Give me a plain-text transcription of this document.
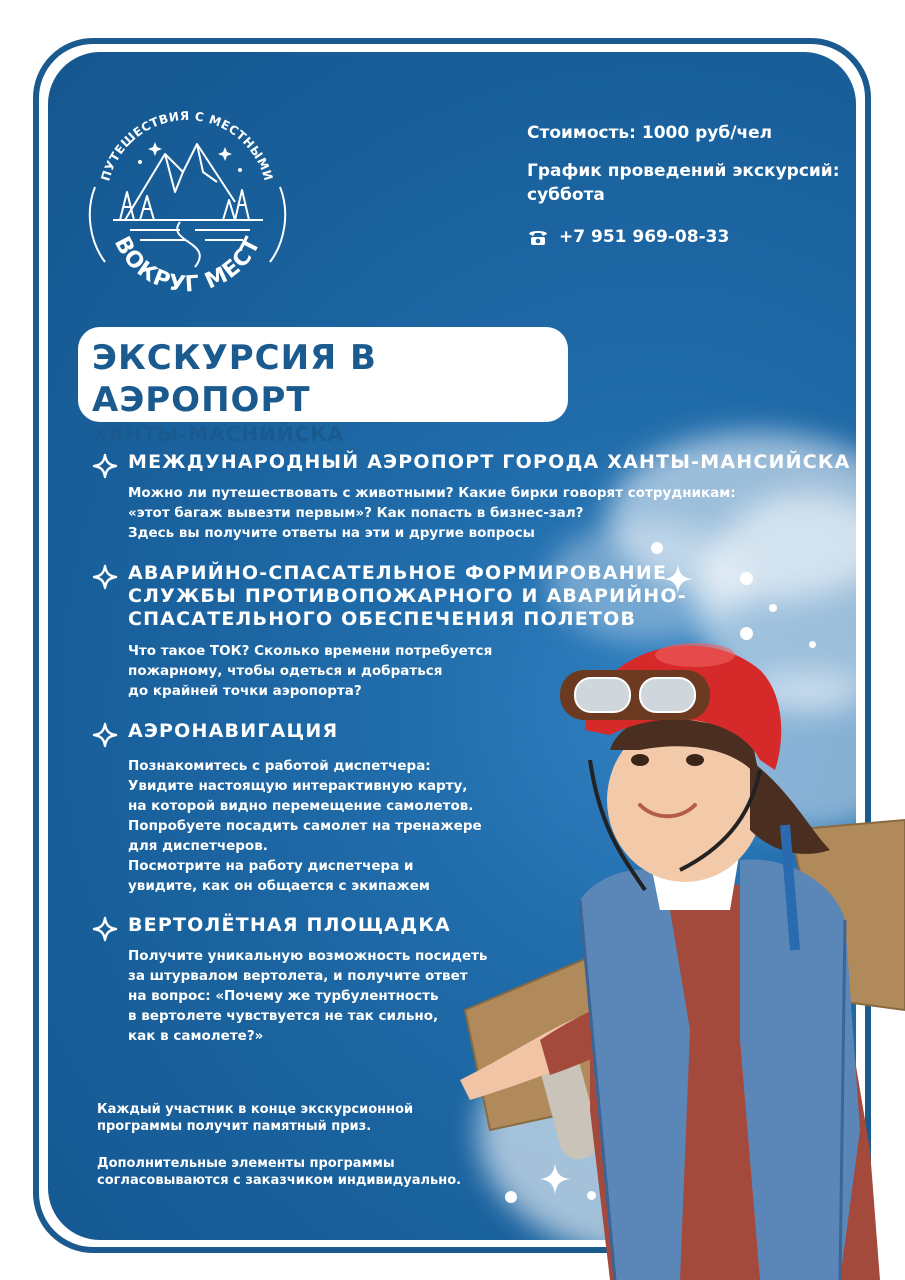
ПУТЕШЕСТВИЯ С МЕСТНЫМИ
ВОКРУГ МЕСТ
Стоимость: 1000 руб/чел
График проведений экскурсий:
суббота
+7 951 969-08-33
ЭКСКУРСИЯ В АЭРОПОРТ
ХАНТЫ-МАСНИЙСКА
МЕЖДУНАРОДНЫЙ АЭРОПОРТ ГОРОДА ХАНТЫ-МАНСИЙСКА
Можно ли путешествовать с животными? Какие бирки говорят сотрудникам:
«этот багаж вывезти первым»? Как попасть в бизнес-зал?
Здесь вы получите ответы на эти и другие вопросы
АВАРИЙНО-СПАСАТЕЛЬНОЕ ФОРМИРОВАНИЕ
СЛУЖБЫ ПРОТИВОПОЖАРНОГО И АВАРИЙНО-
СПАСАТЕЛЬНОГО ОБЕСПЕЧЕНИЯ ПОЛЕТОВ
Что такое ТОК? Сколько времени потребуется
пожарному, чтобы одеться и добраться
до крайней точки аэропорта?
АЭРОНАВИГАЦИЯ
Познакомитесь с работой диспетчера:
Увидите настоящую интерактивную карту,
на которой видно перемещение самолетов.
Попробуете посадить самолет на тренажере
для диспетчеров.
Посмотрите на работу диспетчера и
увидите, как он общается с экипажем
ВЕРТОЛЁТНАЯ ПЛОЩАДКА
Получите уникальную возможность посидеть
за штурвалом вертолета, и получите ответ
на вопрос: «Почему же турбулентность
в вертолете чувствуется не так сильно,
как в самолете?»
Каждый участник в конце экскурсионной
программы получит памятный приз.
Дополнительные элементы программы
согласовываются с заказчиком индивидуально.
